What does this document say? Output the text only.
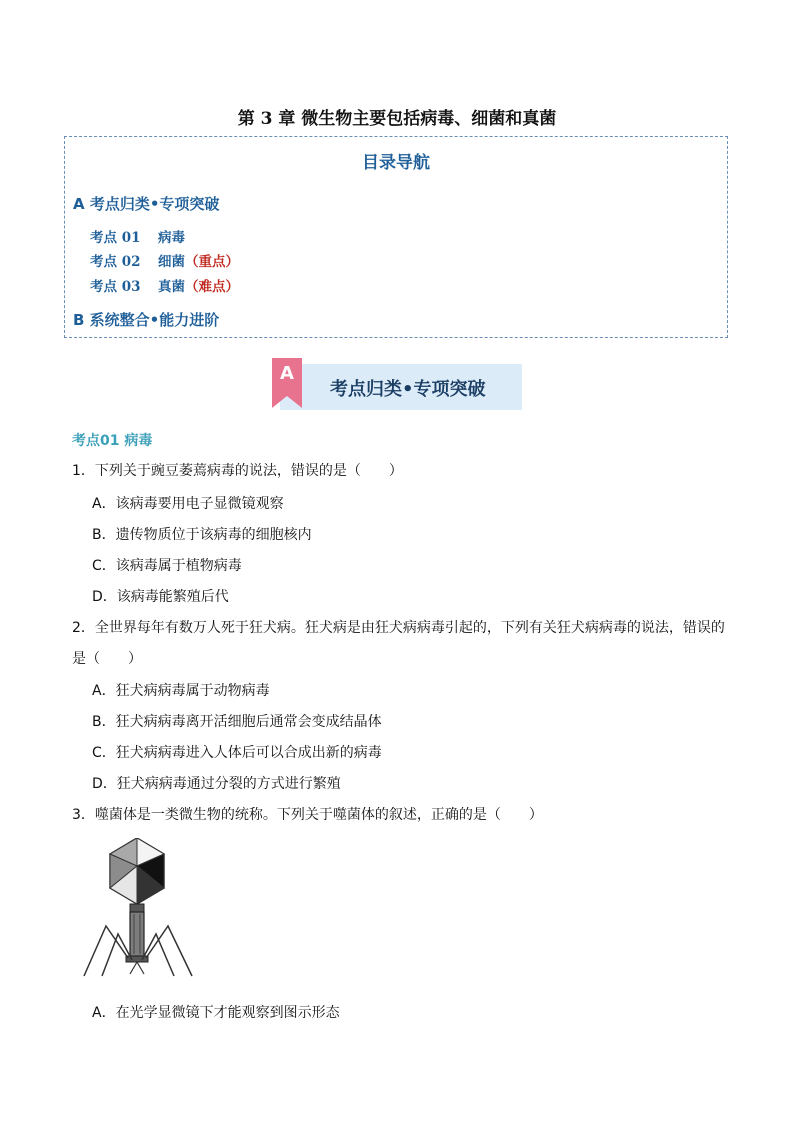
第 3 章 微生物主要包括病毒、细菌和真菌
目录导航
A 考点归类•专项突破
考点 01 病毒
考点 02 细菌（重点）
考点 03 真菌（难点）
B 系统整合•能力进阶
A
考点归类•专项突破
考点01 病毒
1．下列关于豌豆萎蔫病毒的说法，错误的是（　　）
A．该病毒要用电子显微镜观察
B．遗传物质位于该病毒的细胞核内
C．该病毒属于植物病毒
D．该病毒能繁殖后代
2．全世界每年有数万人死于狂犬病。狂犬病是由狂犬病病毒引起的，下列有关狂犬病病毒的说法，错误的
是（　　）
A．狂犬病病毒属于动物病毒
B．狂犬病病毒离开活细胞后通常会变成结晶体
C．狂犬病病毒进入人体后可以合成出新的病毒
D．狂犬病病毒通过分裂的方式进行繁殖
3．噬菌体是一类微生物的统称。下列关于噬菌体的叙述，正确的是（　　）
A．在光学显微镜下才能观察到图示形态
